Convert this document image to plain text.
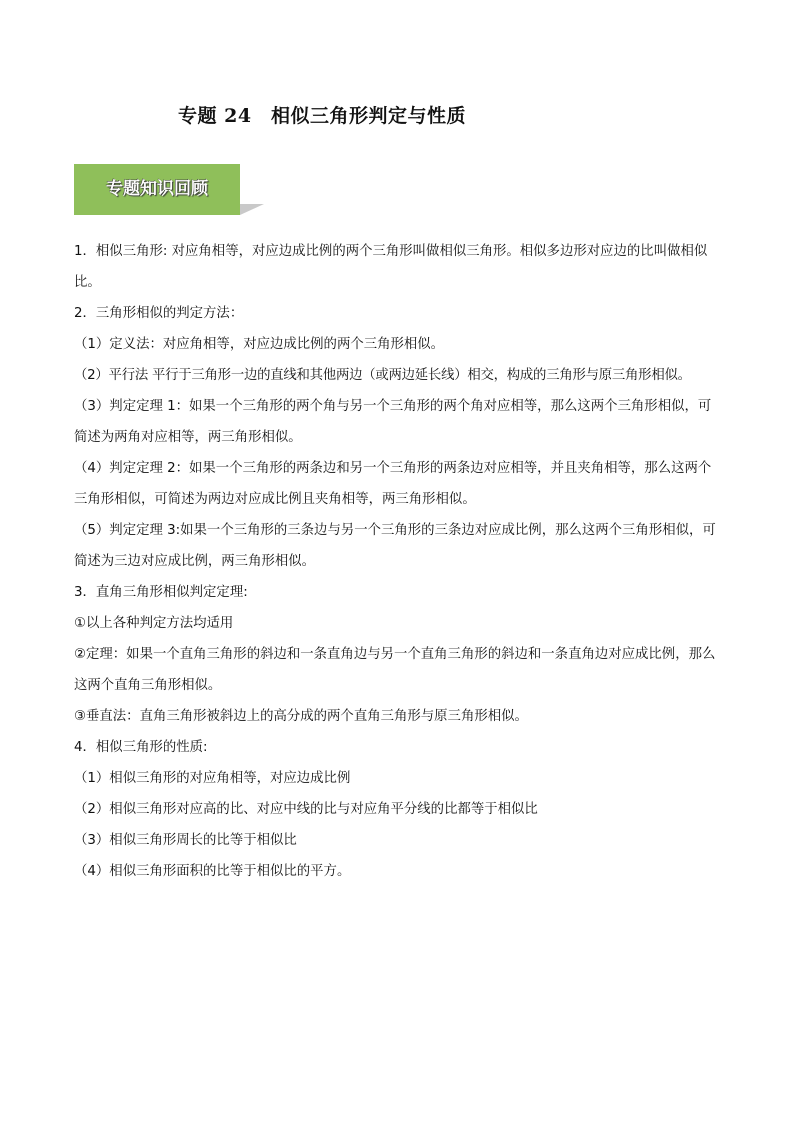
专题 24　相似三角形判定与性质
专题知识回顾

1．相似三角形: 对应角相等，对应边成比例的两个三角形叫做相似三角形。相似多边形对应边的比叫做相似比。

2．三角形相似的判定方法：

（1）定义法：对应角相等，对应边成比例的两个三角形相似。

（2）平行法 平行于三角形一边的直线和其他两边（或两边延长线）相交，构成的三角形与原三角形相似。

（3）判定定理 1：如果一个三角形的两个角与另一个三角形的两个角对应相等，那么这两个三角形相似，可简述为两角对应相等，两三角形相似。

（4）判定定理 2：如果一个三角形的两条边和另一个三角形的两条边对应相等，并且夹角相等，那么这两个三角形相似，可简述为两边对应成比例且夹角相等，两三角形相似。

（5）判定定理 3:如果一个三角形的三条边与另一个三角形的三条边对应成比例，那么这两个三角形相似，可简述为三边对应成比例，两三角形相似。

3．直角三角形相似判定定理:

①以上各种判定方法均适用

②定理：如果一个直角三角形的斜边和一条直角边与另一个直角三角形的斜边和一条直角边对应成比例，那么这两个直角三角形相似。

③垂直法：直角三角形被斜边上的高分成的两个直角三角形与原三角形相似。

4．相似三角形的性质:

（1）相似三角形的对应角相等，对应边成比例

（2）相似三角形对应高的比、对应中线的比与对应角平分线的比都等于相似比

（3）相似三角形周长的比等于相似比

（4）相似三角形面积的比等于相似比的平方。
